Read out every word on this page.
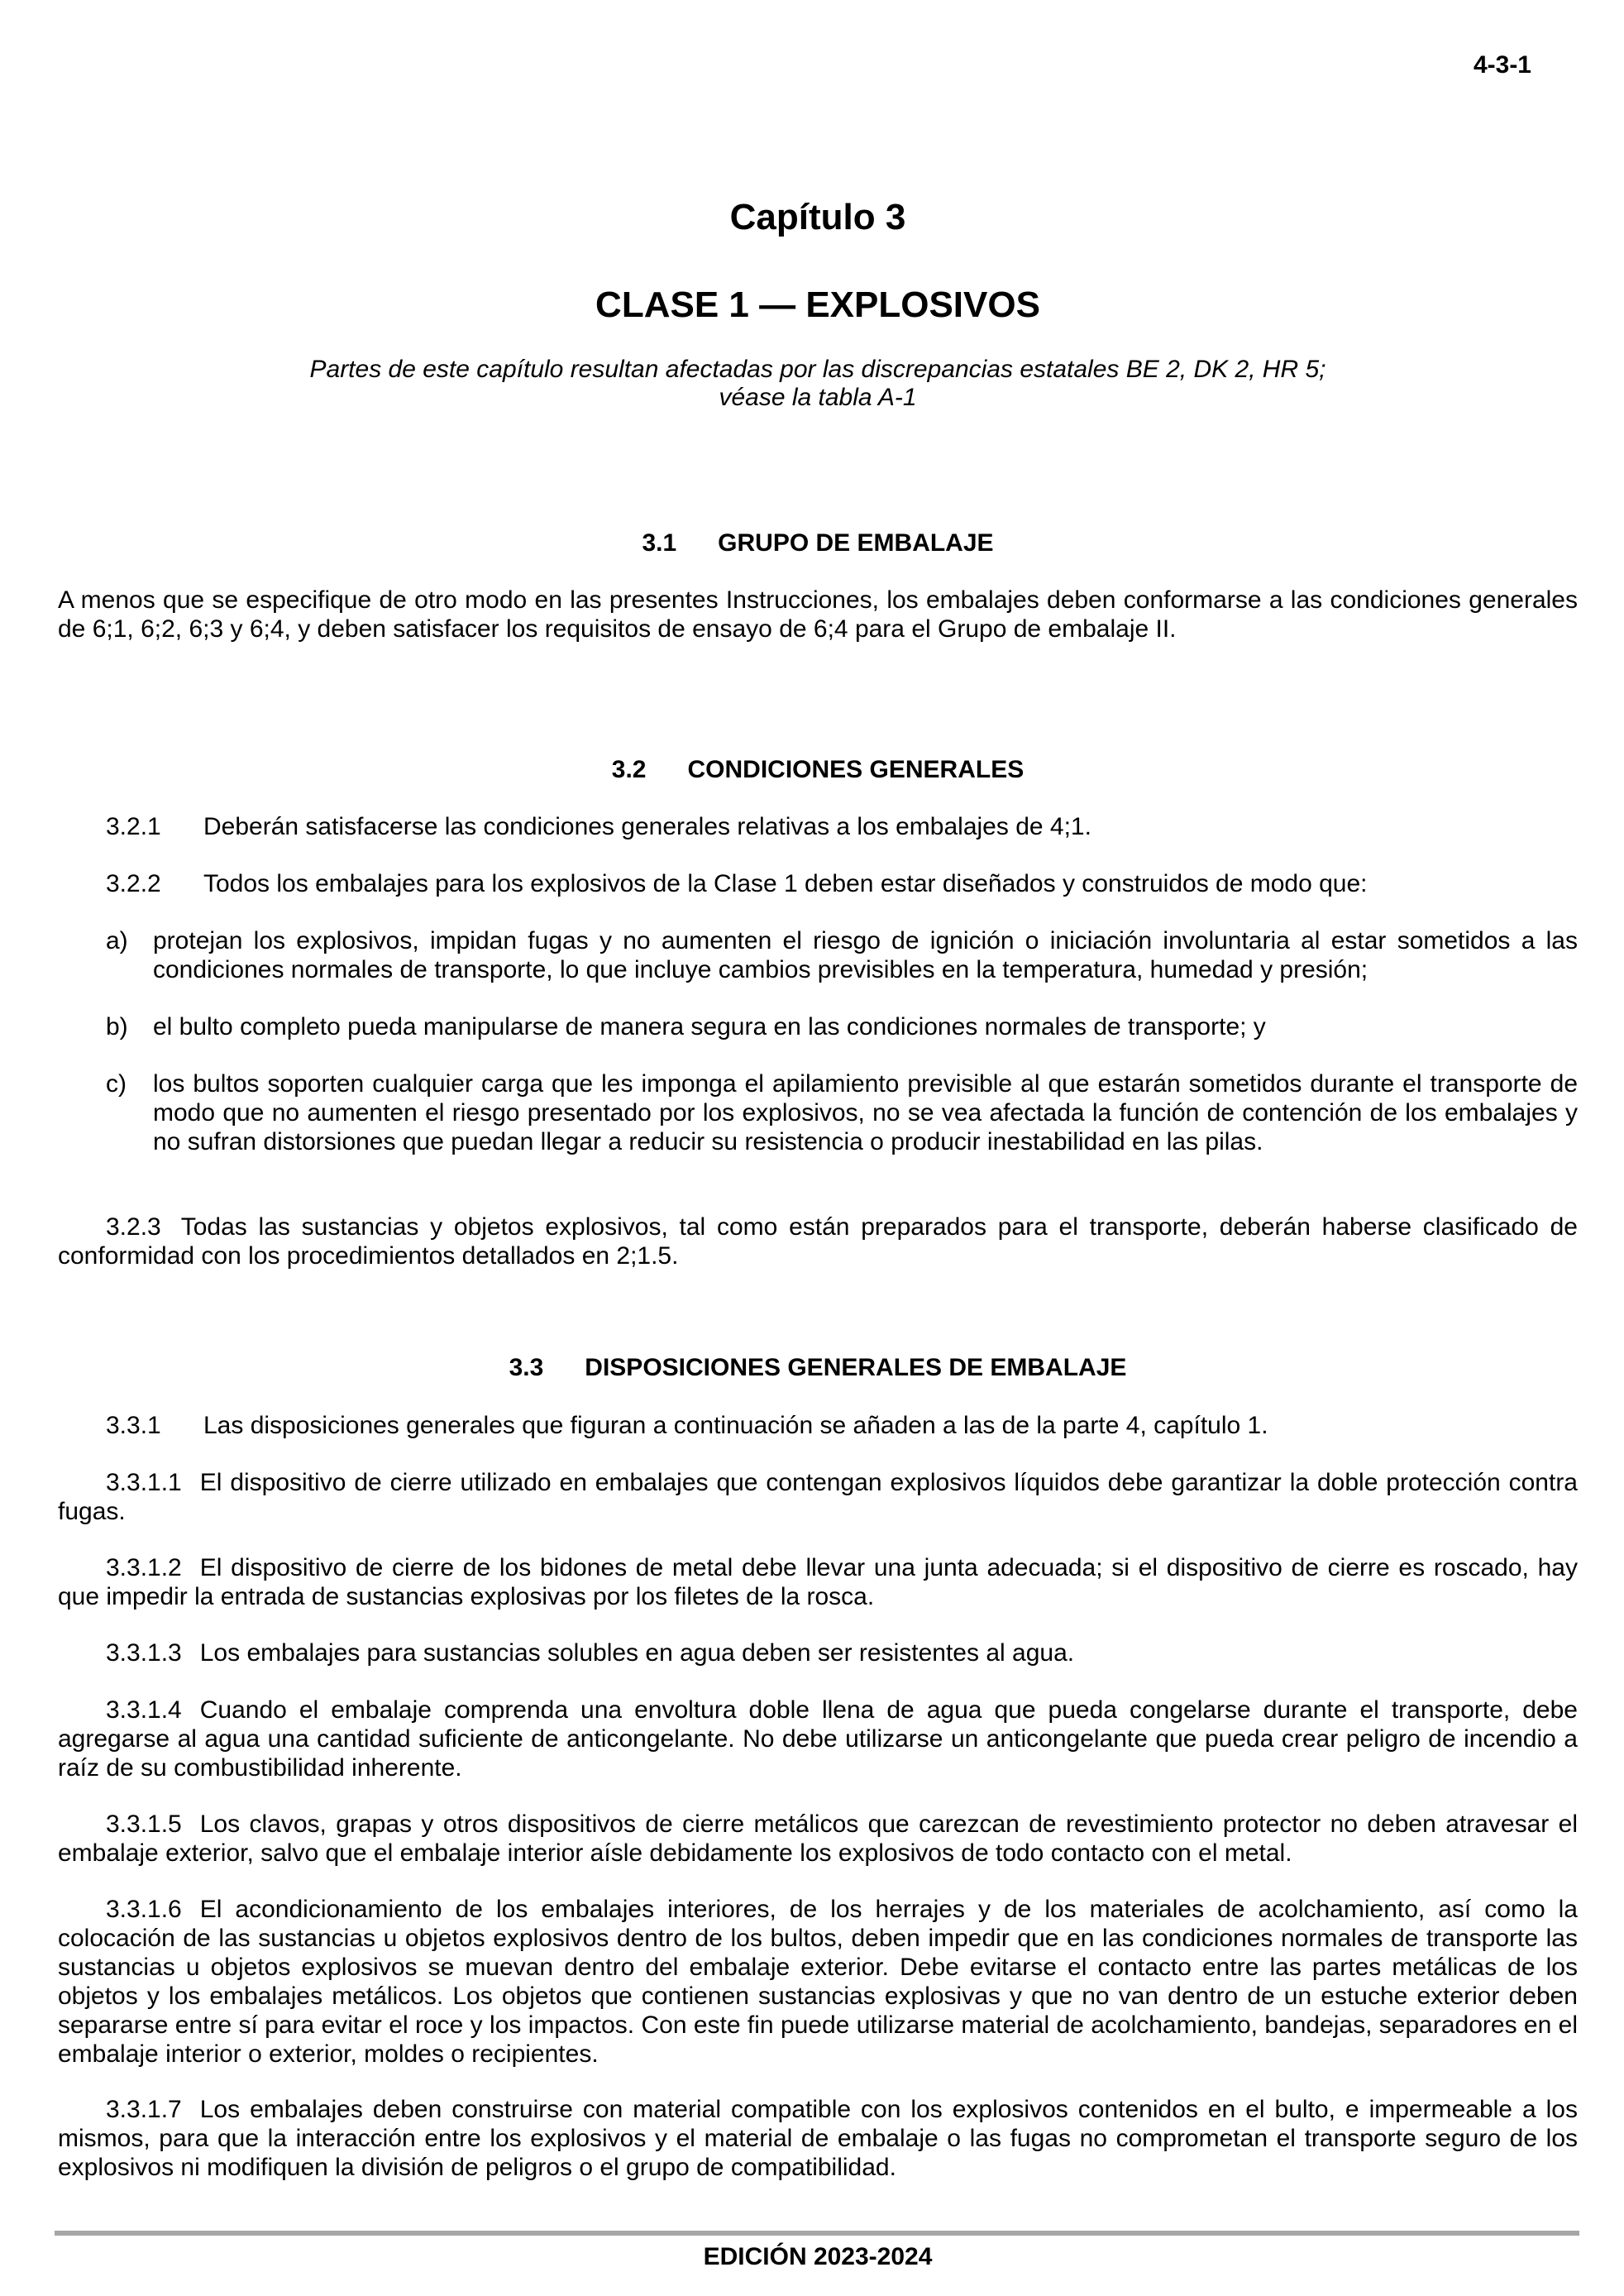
4-3-1
Capítulo 3
CLASE 1 — EXPLOSIVOS
Partes de este capítulo resultan afectadas por las discrepancias estatales BE 2, DK 2, HR 5;
véase la tabla A-1
3.1 GRUPO DE EMBALAJE
A menos que se especifique de otro modo en las presentes Instrucciones, los embalajes deben conformarse a las condiciones generales de 6;1, 6;2, 6;3 y 6;4, y deben satisfacer los requisitos de ensayo de 6;4 para el Grupo de embalaje II.
3.2 CONDICIONES GENERALES
3.2.1 Deberán satisfacerse las condiciones generales relativas a los embalajes de 4;1.
3.2.2 Todos los embalajes para los explosivos de la Clase 1 deben estar diseñados y construidos de modo que:
a) protejan los explosivos, impidan fugas y no aumenten el riesgo de ignición o iniciación involuntaria al estar sometidos a las condiciones normales de transporte, lo que incluye cambios previsibles en la temperatura, humedad y presión;
b) el bulto completo pueda manipularse de manera segura en las condiciones normales de transporte; y
c) los bultos soporten cualquier carga que les imponga el apilamiento previsible al que estarán sometidos durante el transporte de modo que no aumenten el riesgo presentado por los explosivos, no se vea afectada la función de contención de los embalajes y no sufran distorsiones que puedan llegar a reducir su resistencia o producir inestabilidad en las pilas.
3.2.3 Todas las sustancias y objetos explosivos, tal como están preparados para el transporte, deberán haberse clasificado de conformidad con los procedimientos detallados en 2;1.5.
3.3 DISPOSICIONES GENERALES DE EMBALAJE
3.3.1 Las disposiciones generales que figuran a continuación se añaden a las de la parte 4, capítulo 1.
3.3.1.1 El dispositivo de cierre utilizado en embalajes que contengan explosivos líquidos debe garantizar la doble protección contra fugas.
3.3.1.2 El dispositivo de cierre de los bidones de metal debe llevar una junta adecuada; si el dispositivo de cierre es roscado, hay que impedir la entrada de sustancias explosivas por los filetes de la rosca.
3.3.1.3 Los embalajes para sustancias solubles en agua deben ser resistentes al agua.
3.3.1.4 Cuando el embalaje comprenda una envoltura doble llena de agua que pueda congelarse durante el transporte, debe agregarse al agua una cantidad suficiente de anticongelante. No debe utilizarse un anticongelante que pueda crear peligro de incendio a raíz de su combustibilidad inherente.
3.3.1.5 Los clavos, grapas y otros dispositivos de cierre metálicos que carezcan de revestimiento protector no deben atravesar el embalaje exterior, salvo que el embalaje interior aísle debidamente los explosivos de todo contacto con el metal.
3.3.1.6 El acondicionamiento de los embalajes interiores, de los herrajes y de los materiales de acolchamiento, así como la colocación de las sustancias u objetos explosivos dentro de los bultos, deben impedir que en las condiciones normales de transporte las sustancias u objetos explosivos se muevan dentro del embalaje exterior. Debe evitarse el contacto entre las partes metálicas de los objetos y los embalajes metálicos. Los objetos que contienen sustancias explosivas y que no van dentro de un estuche exterior deben separarse entre sí para evitar el roce y los impactos. Con este fin puede utilizarse material de acolchamiento, bandejas, separadores en el embalaje interior o exterior, moldes o recipientes.
3.3.1.7 Los embalajes deben construirse con material compatible con los explosivos contenidos en el bulto, e impermeable a los mismos, para que la interacción entre los explosivos y el material de embalaje o las fugas no comprometan el transporte seguro de los explosivos ni modifiquen la división de peligros o el grupo de compatibilidad.
EDICIÓN 2023-2024
